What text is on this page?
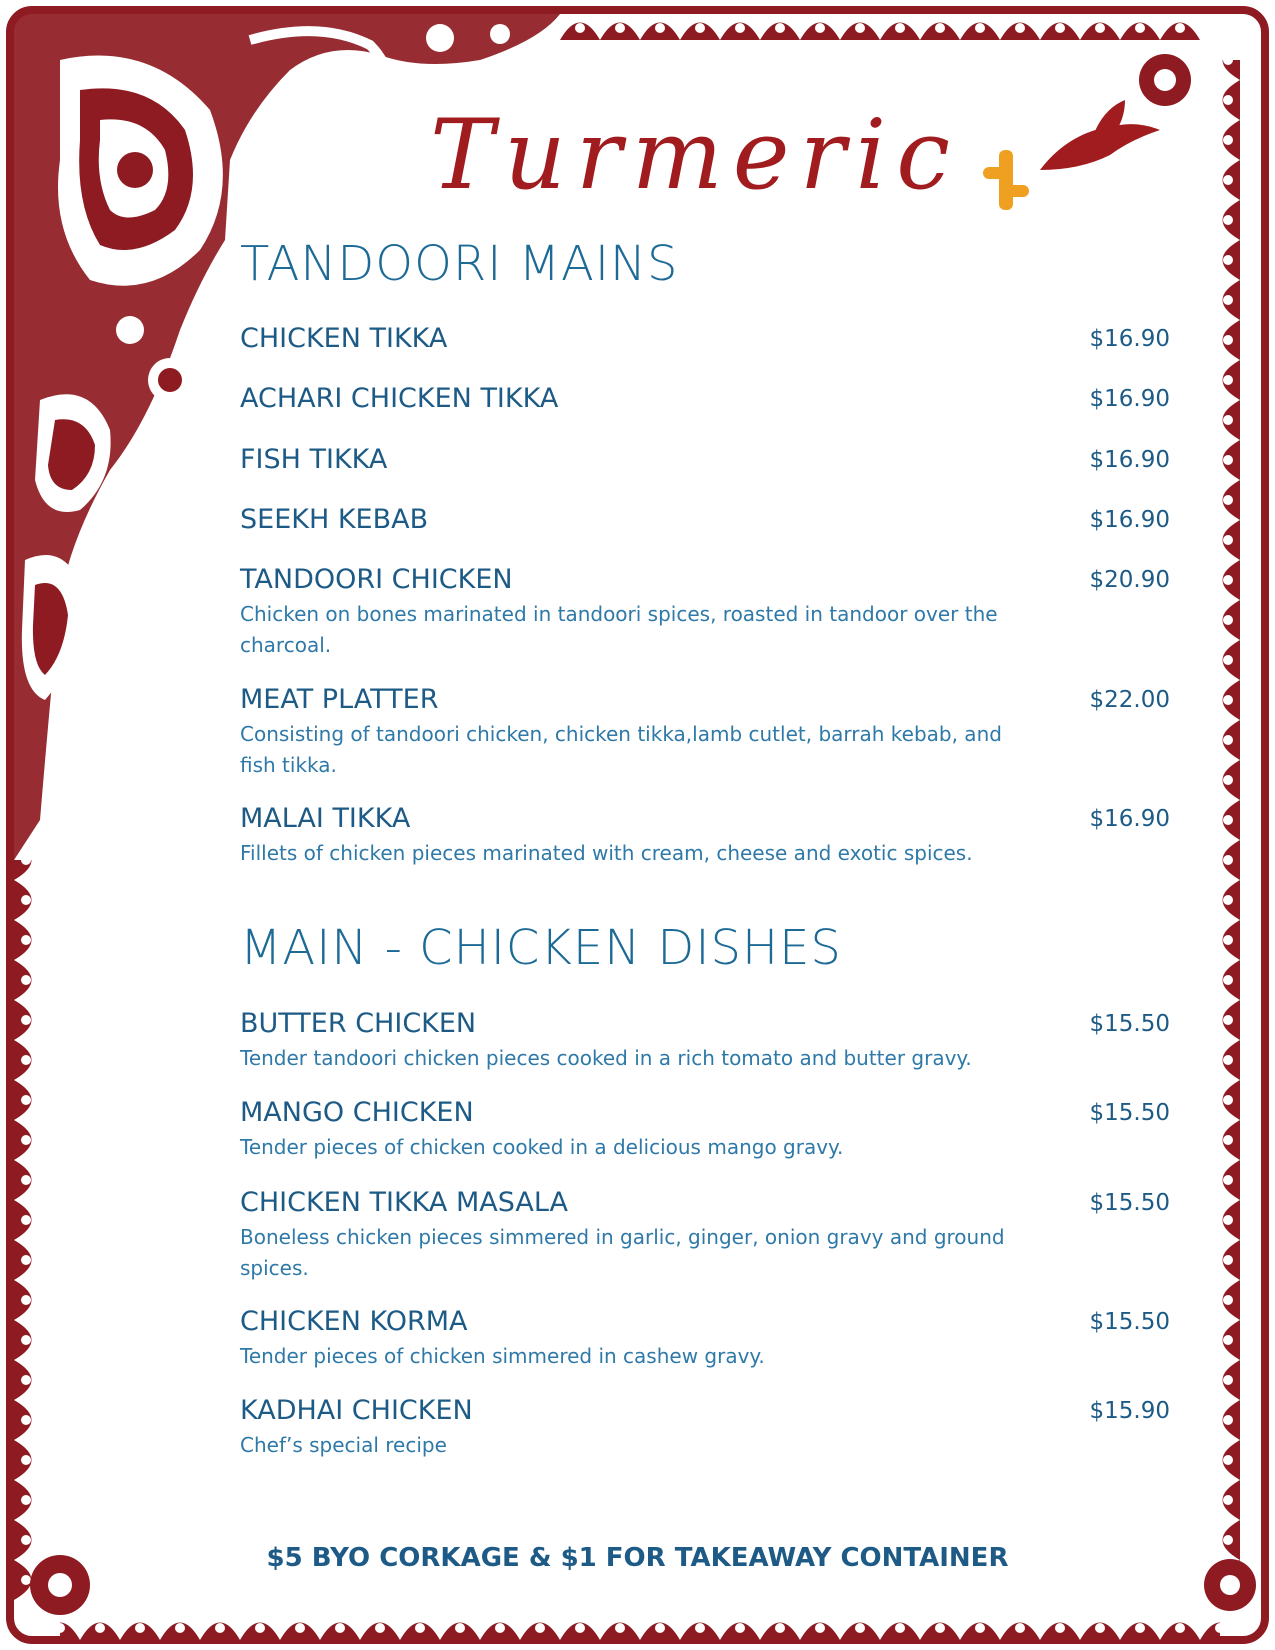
Turmeric
TANDOORI MAINS
CHICKEN TIKKA	$16.90
ACHARI CHICKEN TIKKA	$16.90
FISH TIKKA	$16.90
SEEKH KEBAB	$16.90
TANDOORI CHICKEN	$20.90
Chicken on bones marinated in tandoori spices, roasted in tandoor over the charcoal.
MEAT PLATTER	$22.00
Consisting of tandoori chicken, chicken tikka,lamb cutlet, barrah kebab, and fish tikka.
MALAI TIKKA	$16.90
Fillets of chicken pieces marinated with cream, cheese and exotic spices.
MAIN - CHICKEN DISHES
BUTTER CHICKEN	$15.50
Tender tandoori chicken pieces cooked in a rich tomato and butter gravy.
MANGO CHICKEN	$15.50
Tender pieces of chicken cooked in a delicious mango gravy.
CHICKEN TIKKA MASALA	$15.50
Boneless chicken pieces simmered in garlic, ginger, onion gravy and ground spices.
CHICKEN KORMA	$15.50
Tender pieces of chicken simmered in cashew gravy.
KADHAI CHICKEN	$15.90
Chef’s special recipe
$5 BYO CORKAGE & $1 FOR TAKEAWAY CONTAINER
